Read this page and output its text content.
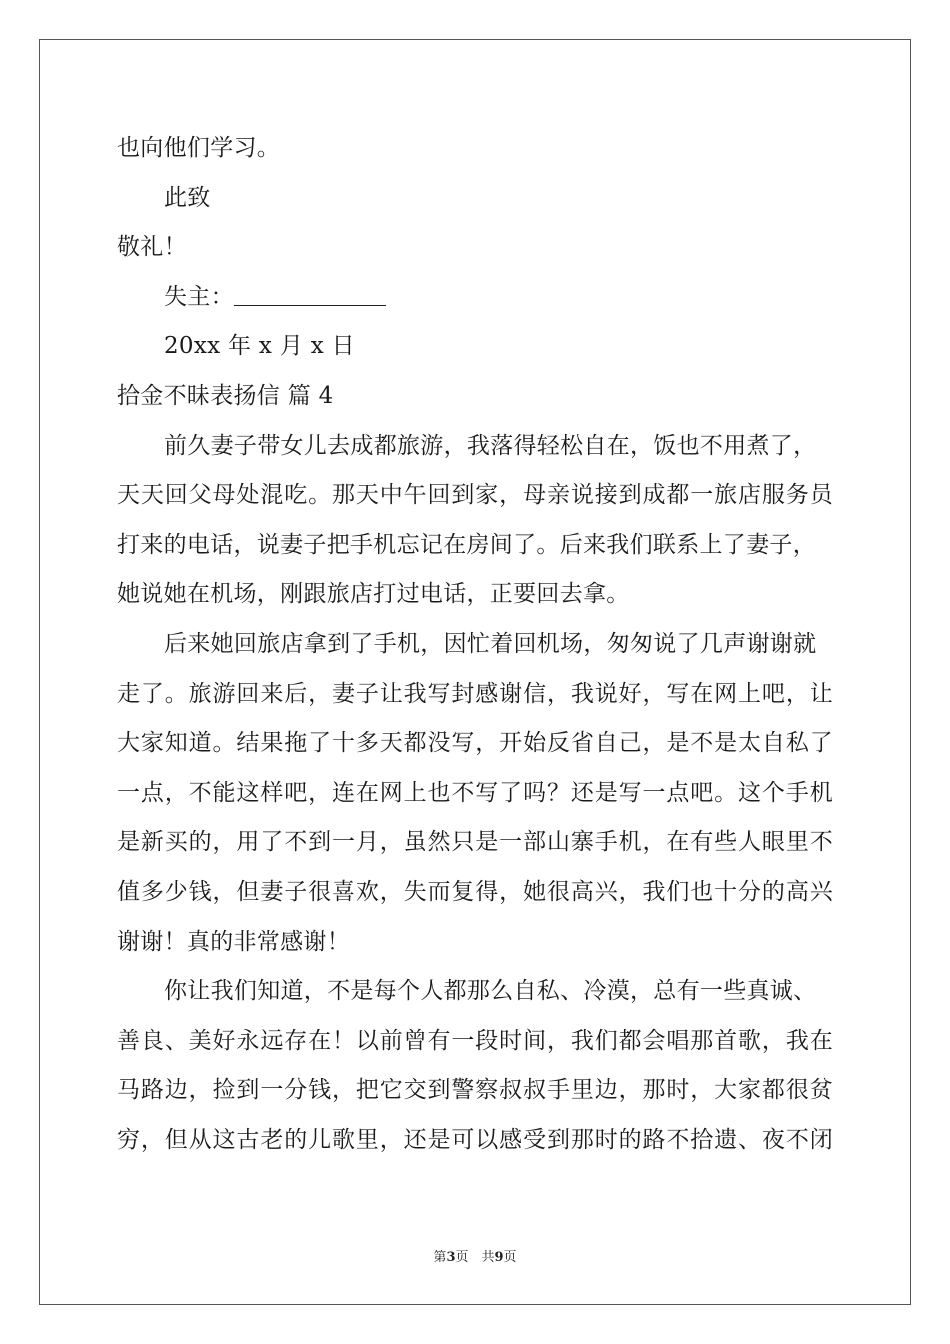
也向他们学习。
此致
敬礼！
失主：
20xx 年 x 月 x 日
拾金不昧表扬信 篇 4
前久妻子带女儿去成都旅游，我落得轻松自在，饭也不用煮了，
天天回父母处混吃。那天中午回到家，母亲说接到成都一旅店服务员
打来的电话，说妻子把手机忘记在房间了。后来我们联系上了妻子，
她说她在机场，刚跟旅店打过电话，正要回去拿。
后来她回旅店拿到了手机，因忙着回机场，匆匆说了几声谢谢就
走了。旅游回来后，妻子让我写封感谢信，我说好，写在网上吧，让
大家知道。结果拖了十多天都没写，开始反省自己，是不是太自私了
一点，不能这样吧，连在网上也不写了吗？还是写一点吧。这个手机
是新买的，用了不到一月，虽然只是一部山寨手机，在有些人眼里不
值多少钱，但妻子很喜欢，失而复得，她很高兴，我们也十分的高兴
谢谢！真的非常感谢！
你让我们知道，不是每个人都那么自私、冷漠，总有一些真诚、
善良、美好永远存在！以前曾有一段时间，我们都会唱那首歌，我在
马路边，捡到一分钱，把它交到警察叔叔手里边，那时，大家都很贫
穷，但从这古老的儿歌里，还是可以感受到那时的路不拾遗、夜不闭
第3页　共9页
